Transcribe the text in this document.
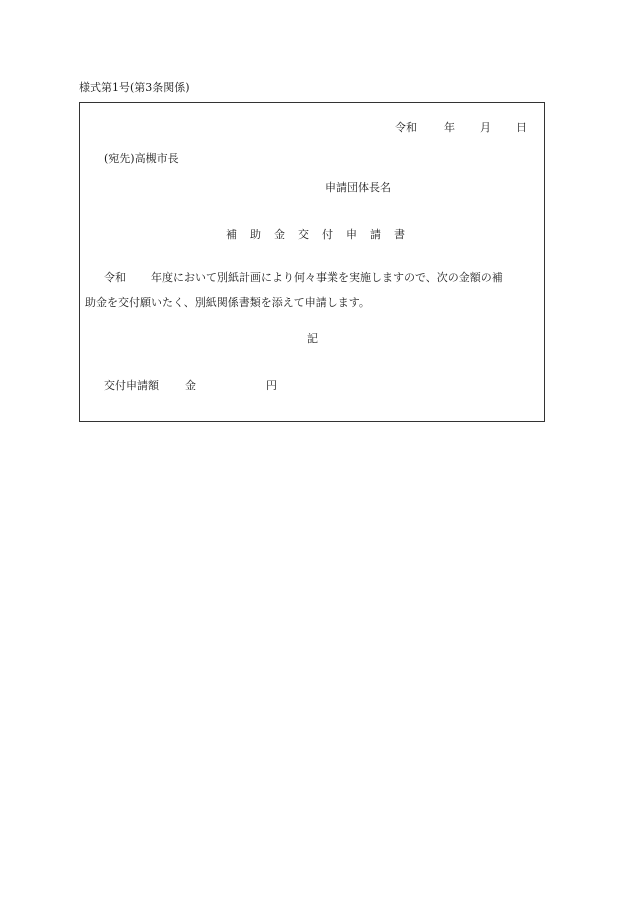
様式第1号(第3条関係)
令和 年 月 日
(宛先)高槻市長
申請団体長名
補 助 金 交 付 申 請 書
令和 年度において別紙計画により何々事業を実施しますので、次の金額の補
助金を交付願いたく、別紙関係書類を添えて申請します。
記
交付申請額 金	円
